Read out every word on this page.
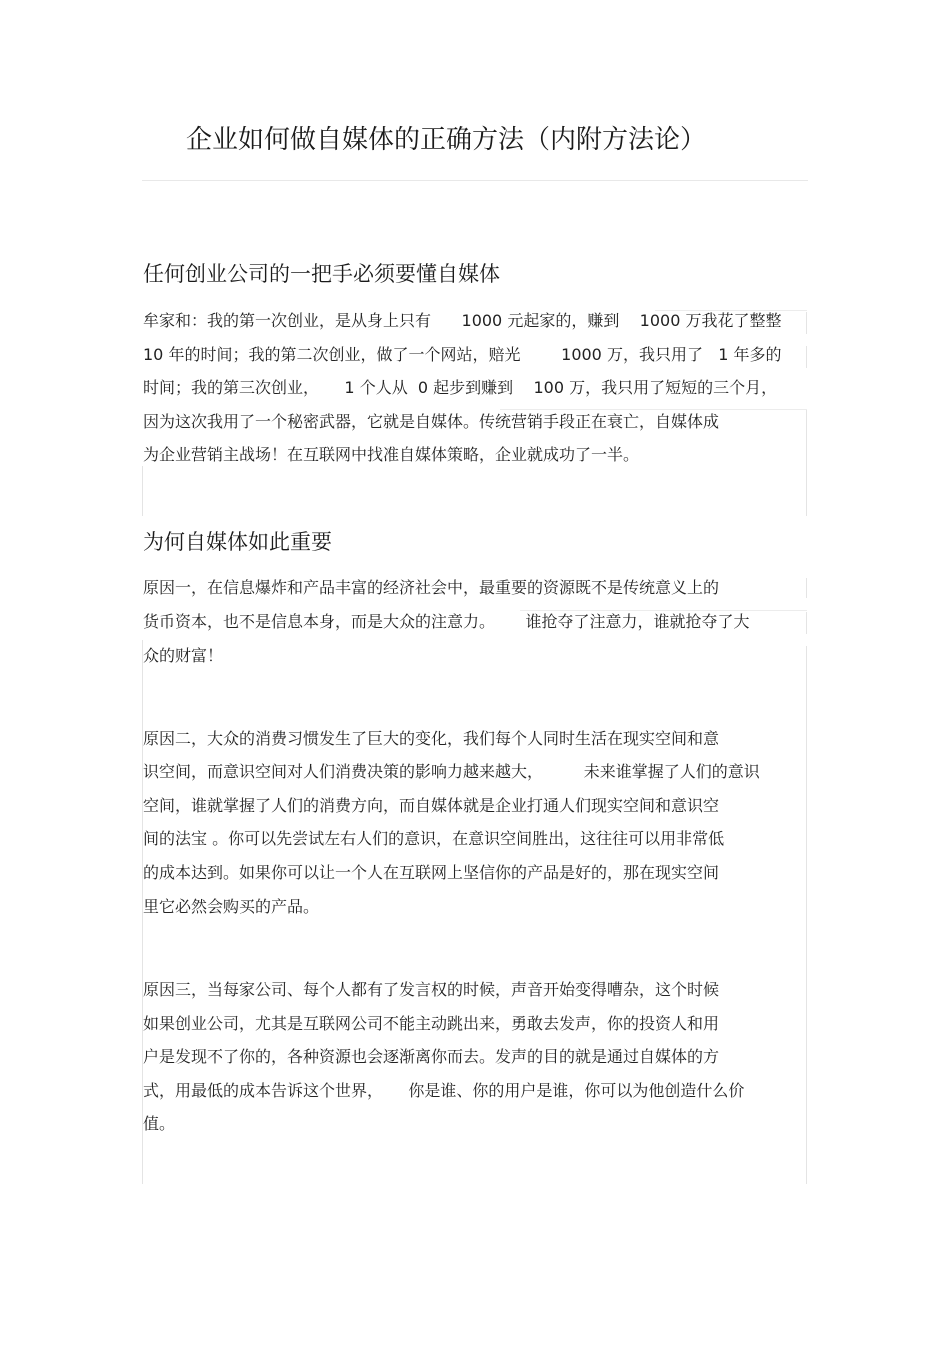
企业如何做自媒体的正确方法（内附方法论）
任何创业公司的一把手必须要懂自媒体
牟家和：我的第一次创业，是从身上只有      1000 元起家的，赚到    1000 万我花了整整
10 年的时间；我的第二次创业，做了一个网站，赔光        1000 万，我只用了   1 年多的
时间；我的第三次创业，     1 个人从  0 起步到赚到    100 万，我只用了短短的三个月，
因为这次我用了一个秘密武器，它就是自媒体。传统营销手段正在衰亡，自媒体成
为企业营销主战场！在互联网中找准自媒体策略，企业就成功了一半。
为何自媒体如此重要
原因一，在信息爆炸和产品丰富的经济社会中，最重要的资源既不是传统意义上的
货币资本，也不是信息本身，而是大众的注意力。      谁抢夺了注意力，谁就抢夺了大
众的财富！
原因二，大众的消费习惯发生了巨大的变化，我们每个人同时生活在现实空间和意
识空间，而意识空间对人们消费决策的影响力越来越大，        未来谁掌握了人们的意识
空间，谁就掌握了人们的消费方向，而自媒体就是企业打通人们现实空间和意识空
间的法宝 。你可以先尝试左右人们的意识，在意识空间胜出，这往往可以用非常低
的成本达到。如果你可以让一个人在互联网上坚信你的产品是好的，那在现实空间
里它必然会购买的产品。
原因三，当每家公司、每个人都有了发言权的时候，声音开始变得嘈杂，这个时候
如果创业公司，尤其是互联网公司不能主动跳出来，勇敢去发声，你的投资人和用
户是发现不了你的，各种资源也会逐渐离你而去。发声的目的就是通过自媒体的方
式，用最低的成本告诉这个世界，     你是谁、你的用户是谁，你可以为他创造什么价
值。
